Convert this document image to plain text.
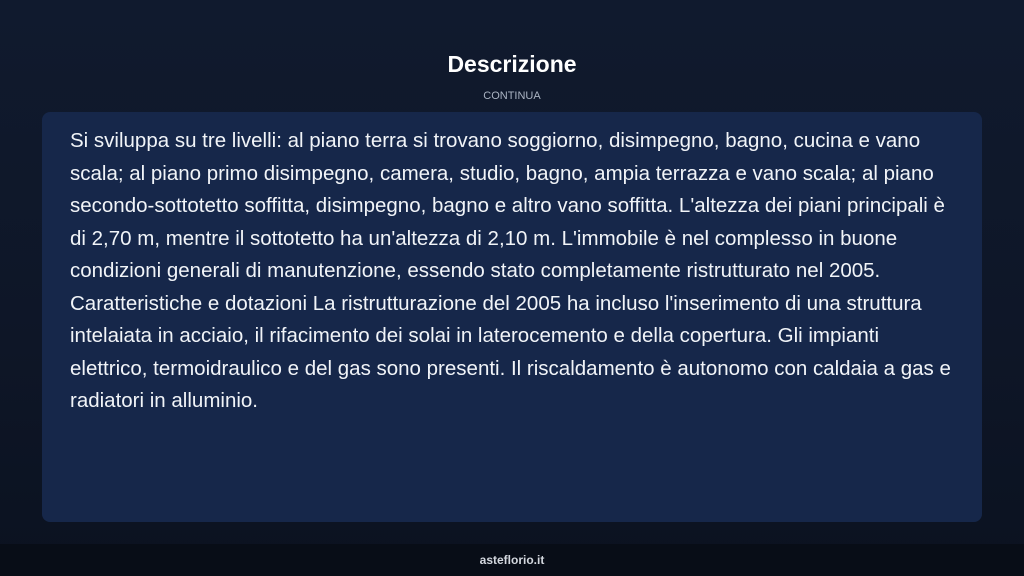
Descrizione
CONTINUA

Si sviluppa su tre livelli: al piano terra si trovano soggiorno, disimpegno, bagno, cucina e vano scala; al piano primo disimpegno, camera, studio, bagno, ampia terrazza e vano scala; al piano secondo-sottotetto soffitta, disimpegno, bagno e altro vano soffitta. L'altezza dei piani principali è di 2,70 m, mentre il sottotetto ha un'altezza di 2,10 m. L'immobile è nel complesso in buone condizioni generali di manutenzione, essendo stato completamente ristrutturato nel 2005. Caratteristiche e dotazioni La ristrutturazione del 2005 ha incluso l'inserimento di una struttura intelaiata in acciaio, il rifacimento dei solai in laterocemento e della copertura. Gli impianti elettrico, termoidraulico e del gas sono presenti. Il riscaldamento è autonomo con caldaia a gas e radiatori in alluminio.

asteflorio.it
